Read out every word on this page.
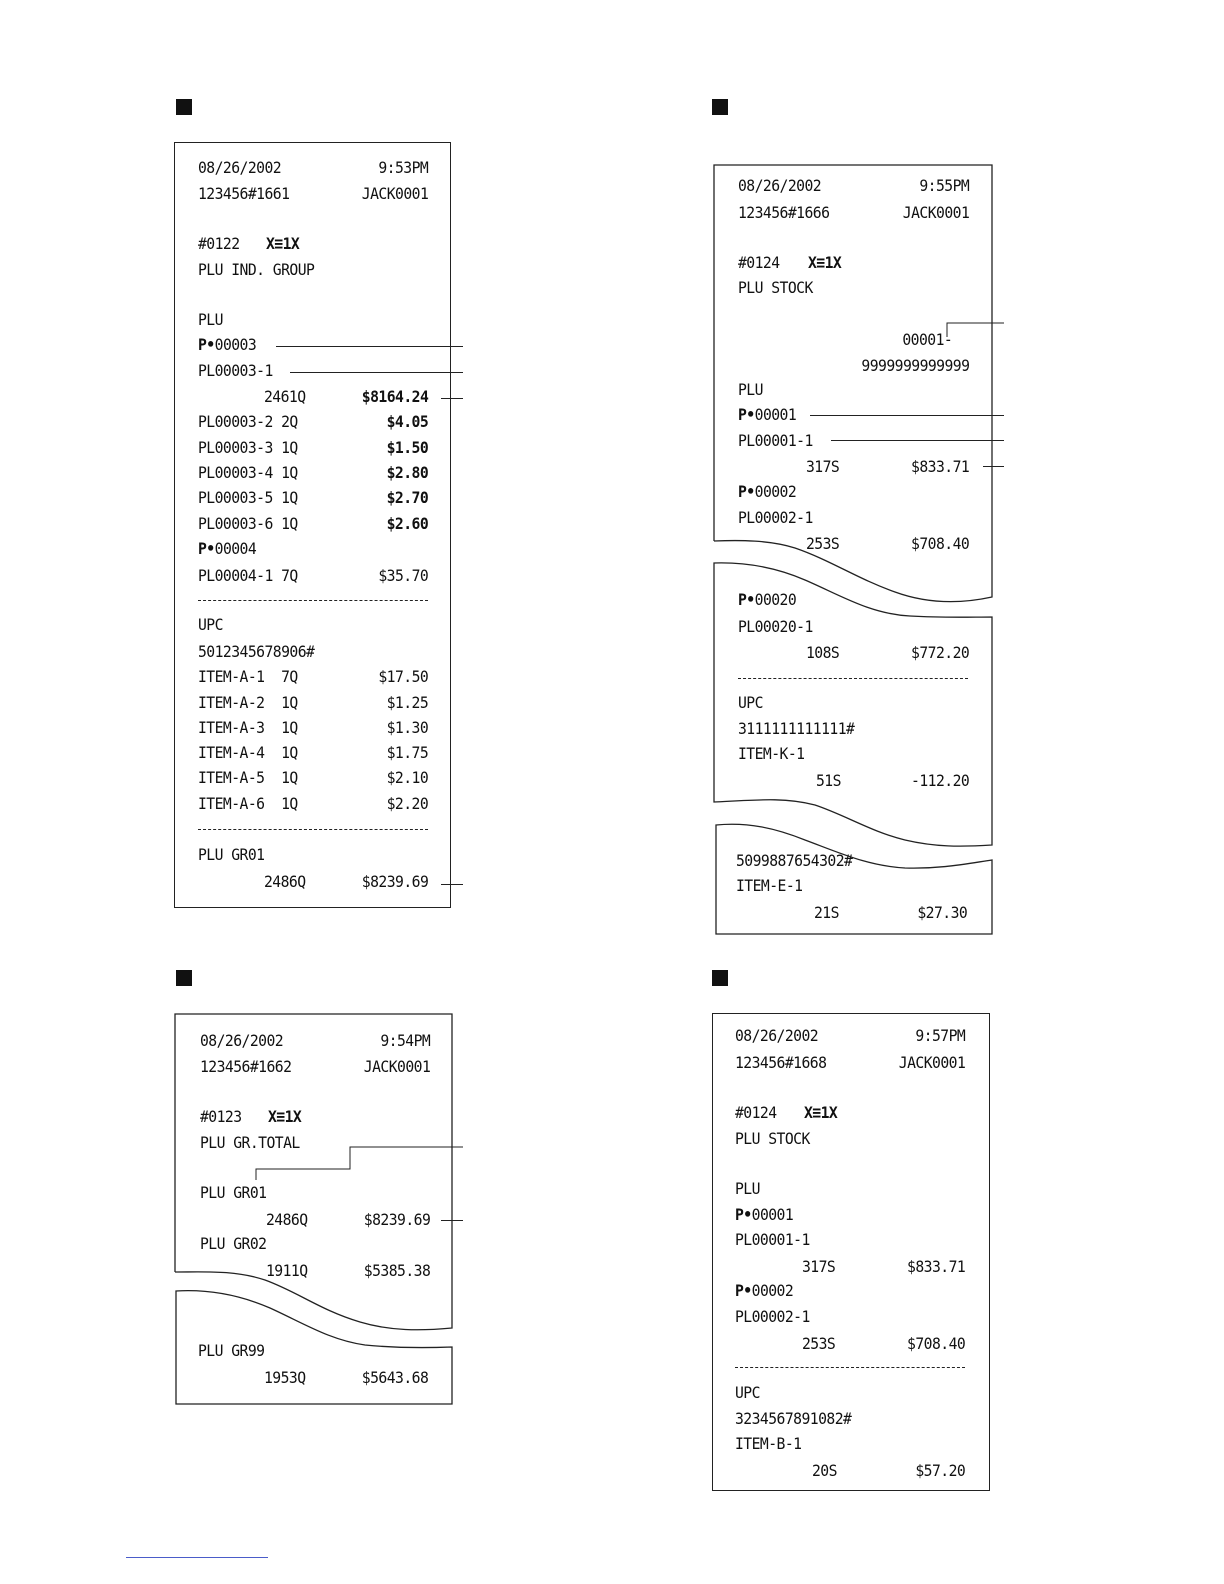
08/26/2002	9:53PM
123456#1661	JACK0001
#0122 X≡1X
PLU IND. GROUP
PLU
P•00003
PL00003-1
2461Q	$8164.24
PL00003-2 2Q	$4.05
PL00003-3 1Q	$1.50
PL00003-4 1Q	$2.80
PL00003-5 1Q	$2.70
PL00003-6 1Q	$2.60
P•00004
PL00004-1 7Q	$35.70
UPC
5012345678906#
ITEM-A-1  7Q	$17.50
ITEM-A-2  1Q	$1.25
ITEM-A-3  1Q	$1.30
ITEM-A-4  1Q	$1.75
ITEM-A-5  1Q	$2.10
ITEM-A-6  1Q	$2.20
PLU GR01
2486Q	$8239.69
08/26/2002	9:55PM
123456#1666	JACK0001
#0124 X≡1X
PLU STOCK
00001-
9999999999999
PLU
P•00001
PL00001-1
317S	$833.71
P•00002
PL00002-1
253S	$708.40
P•00020
PL00020-1
108S	$772.20
UPC
3111111111111#
ITEM-K-1
51S	-112.20
5099887654302#
ITEM-E-1
21S	$27.30
08/26/2002	9:54PM
123456#1662	JACK0001
#0123 X≡1X
PLU GR.TOTAL
PLU GR01
2486Q	$8239.69
PLU GR02
1911Q	$5385.38
PLU GR99
1953Q	$5643.68
08/26/2002	9:57PM
123456#1668	JACK0001
#0124 X≡1X
PLU STOCK
PLU
P•00001
PL00001-1
317S	$833.71
P•00002
PL00002-1
253S	$708.40
UPC
3234567891082#
ITEM-B-1
20S	$57.20
